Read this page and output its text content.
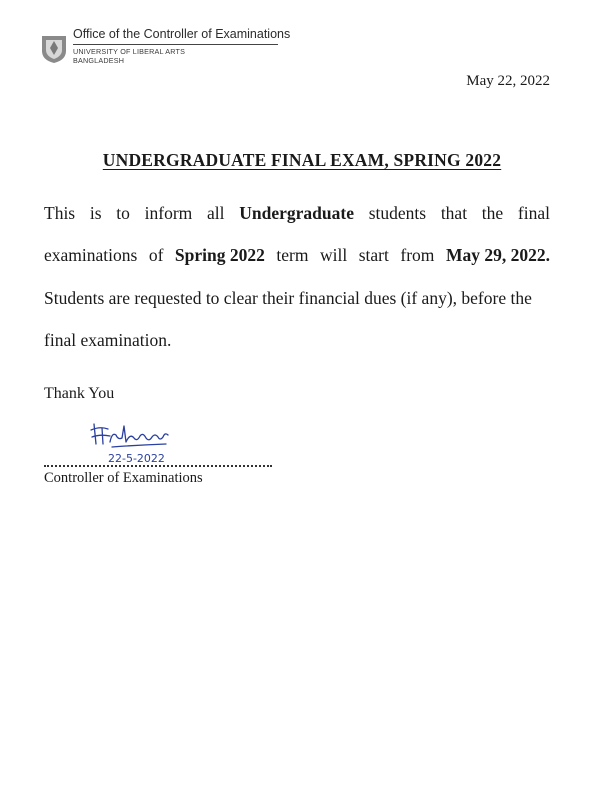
Office of the Controller of Examinations
UNIVERSITY OF LIBERAL ARTS
BANGLADESH
May 22, 2022
UNDERGRADUATE FINAL EXAM, SPRING 2022
This is to inform all Undergraduate students that the final
examinations of Spring 2022 term will start from May 29, 2022.
Students are requested to clear their financial dues (if any), before the
final examination.
Thank You
22-5-2022
Controller of Examinations
